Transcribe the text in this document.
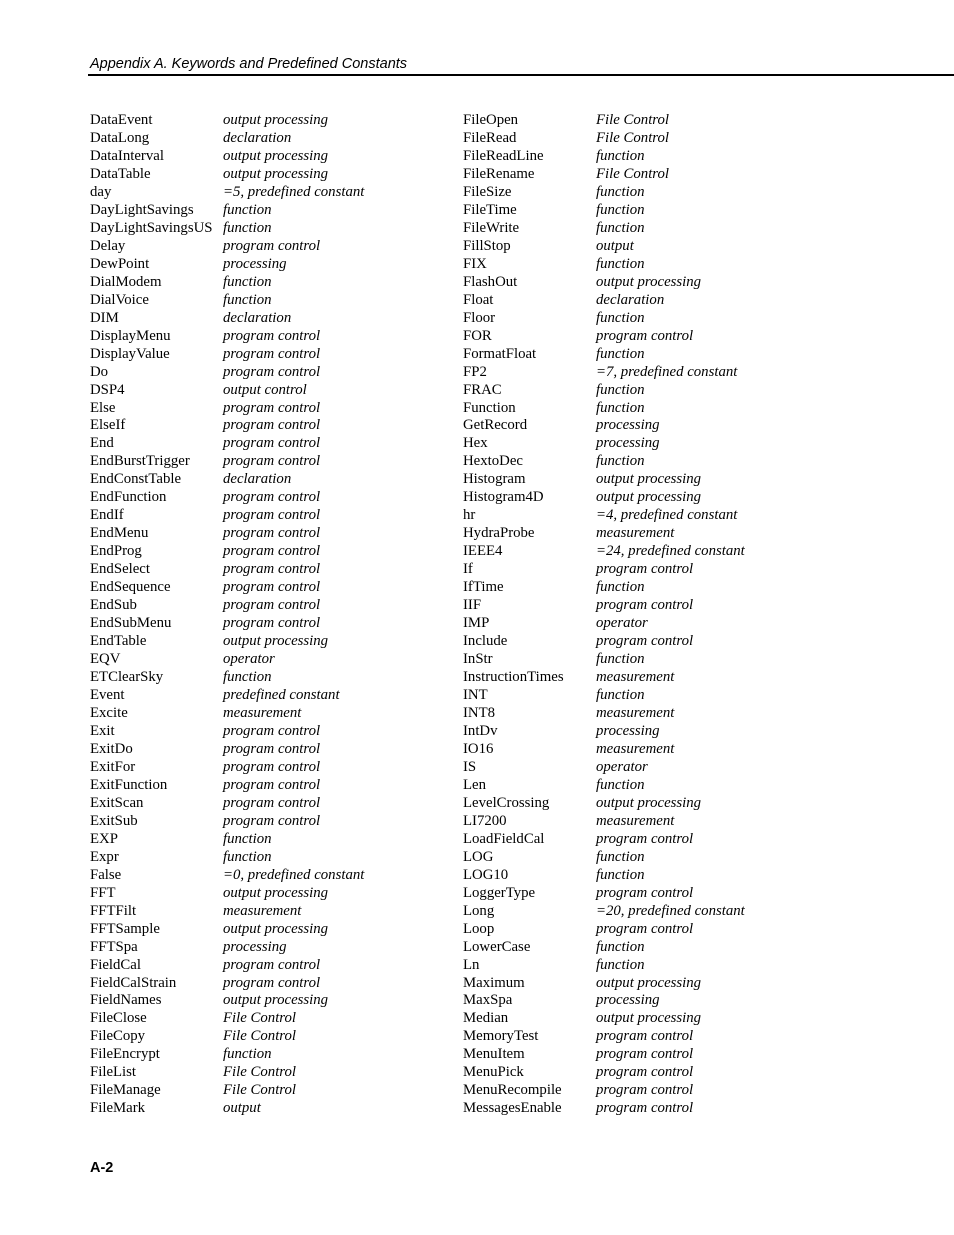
Appendix A. Keywords and Predefined Constants
DataEvent	output processing
DataLong	declaration
DataInterval	output processing
DataTable	output processing
day	=5, predefined constant
DayLightSavings	function
DayLightSavingsUS function
Delay	program control
DewPoint	processing
DialModem	function
DialVoice	function
DIM	declaration
DisplayMenu	program control
DisplayValue	program control
Do	program control
DSP4	output control
Else	program control
ElseIf	program control
End	program control
EndBurstTrigger	program control
EndConstTable	declaration
EndFunction	program control
EndIf	program control
EndMenu	program control
EndProg	program control
EndSelect	program control
EndSequence	program control
EndSub	program control
EndSubMenu	program control
EndTable	output processing
EQV	operator
ETClearSky	function
Event	predefined constant
Excite	measurement
Exit	program control
ExitDo	program control
ExitFor	program control
ExitFunction	program control
ExitScan	program control
ExitSub	program control
EXP	function
Expr	function
False	=0, predefined constant
FFT	output processing
FFTFilt	measurement
FFTSample	output processing
FFTSpa	processing
FieldCal	program control
FieldCalStrain	program control
FieldNames	output processing
FileClose	File Control
FileCopy	File Control
FileEncrypt	function
FileList	File Control
FileManage	File Control
FileMark	output
FileOpen	File Control
FileRead	File Control
FileReadLine	function
FileRename	File Control
FileSize	function
FileTime	function
FileWrite	function
FillStop	output
FIX	function
FlashOut	output processing
Float	declaration
Floor	function
FOR	program control
FormatFloat	function
FP2	=7, predefined constant
FRAC	function
Function	function
GetRecord	processing
Hex	processing
HextoDec	function
Histogram	output processing
Histogram4D	output processing
hr	=4, predefined constant
HydraProbe	measurement
IEEE4	=24, predefined constant
If	program control
IfTime	function
IIF	program control
IMP	operator
Include	program control
InStr	function
InstructionTimes	measurement
INT	function
INT8	measurement
IntDv	processing
IO16	measurement
IS	operator
Len	function
LevelCrossing	output processing
LI7200	measurement
LoadFieldCal	program control
LOG	function
LOG10	function
LoggerType	program control
Long	=20, predefined constant
Loop	program control
LowerCase	function
Ln	function
Maximum	output processing
MaxSpa	processing
Median	output processing
MemoryTest	program control
MenuItem	program control
MenuPick	program control
MenuRecompile	program control
MessagesEnable	program control
A-2
